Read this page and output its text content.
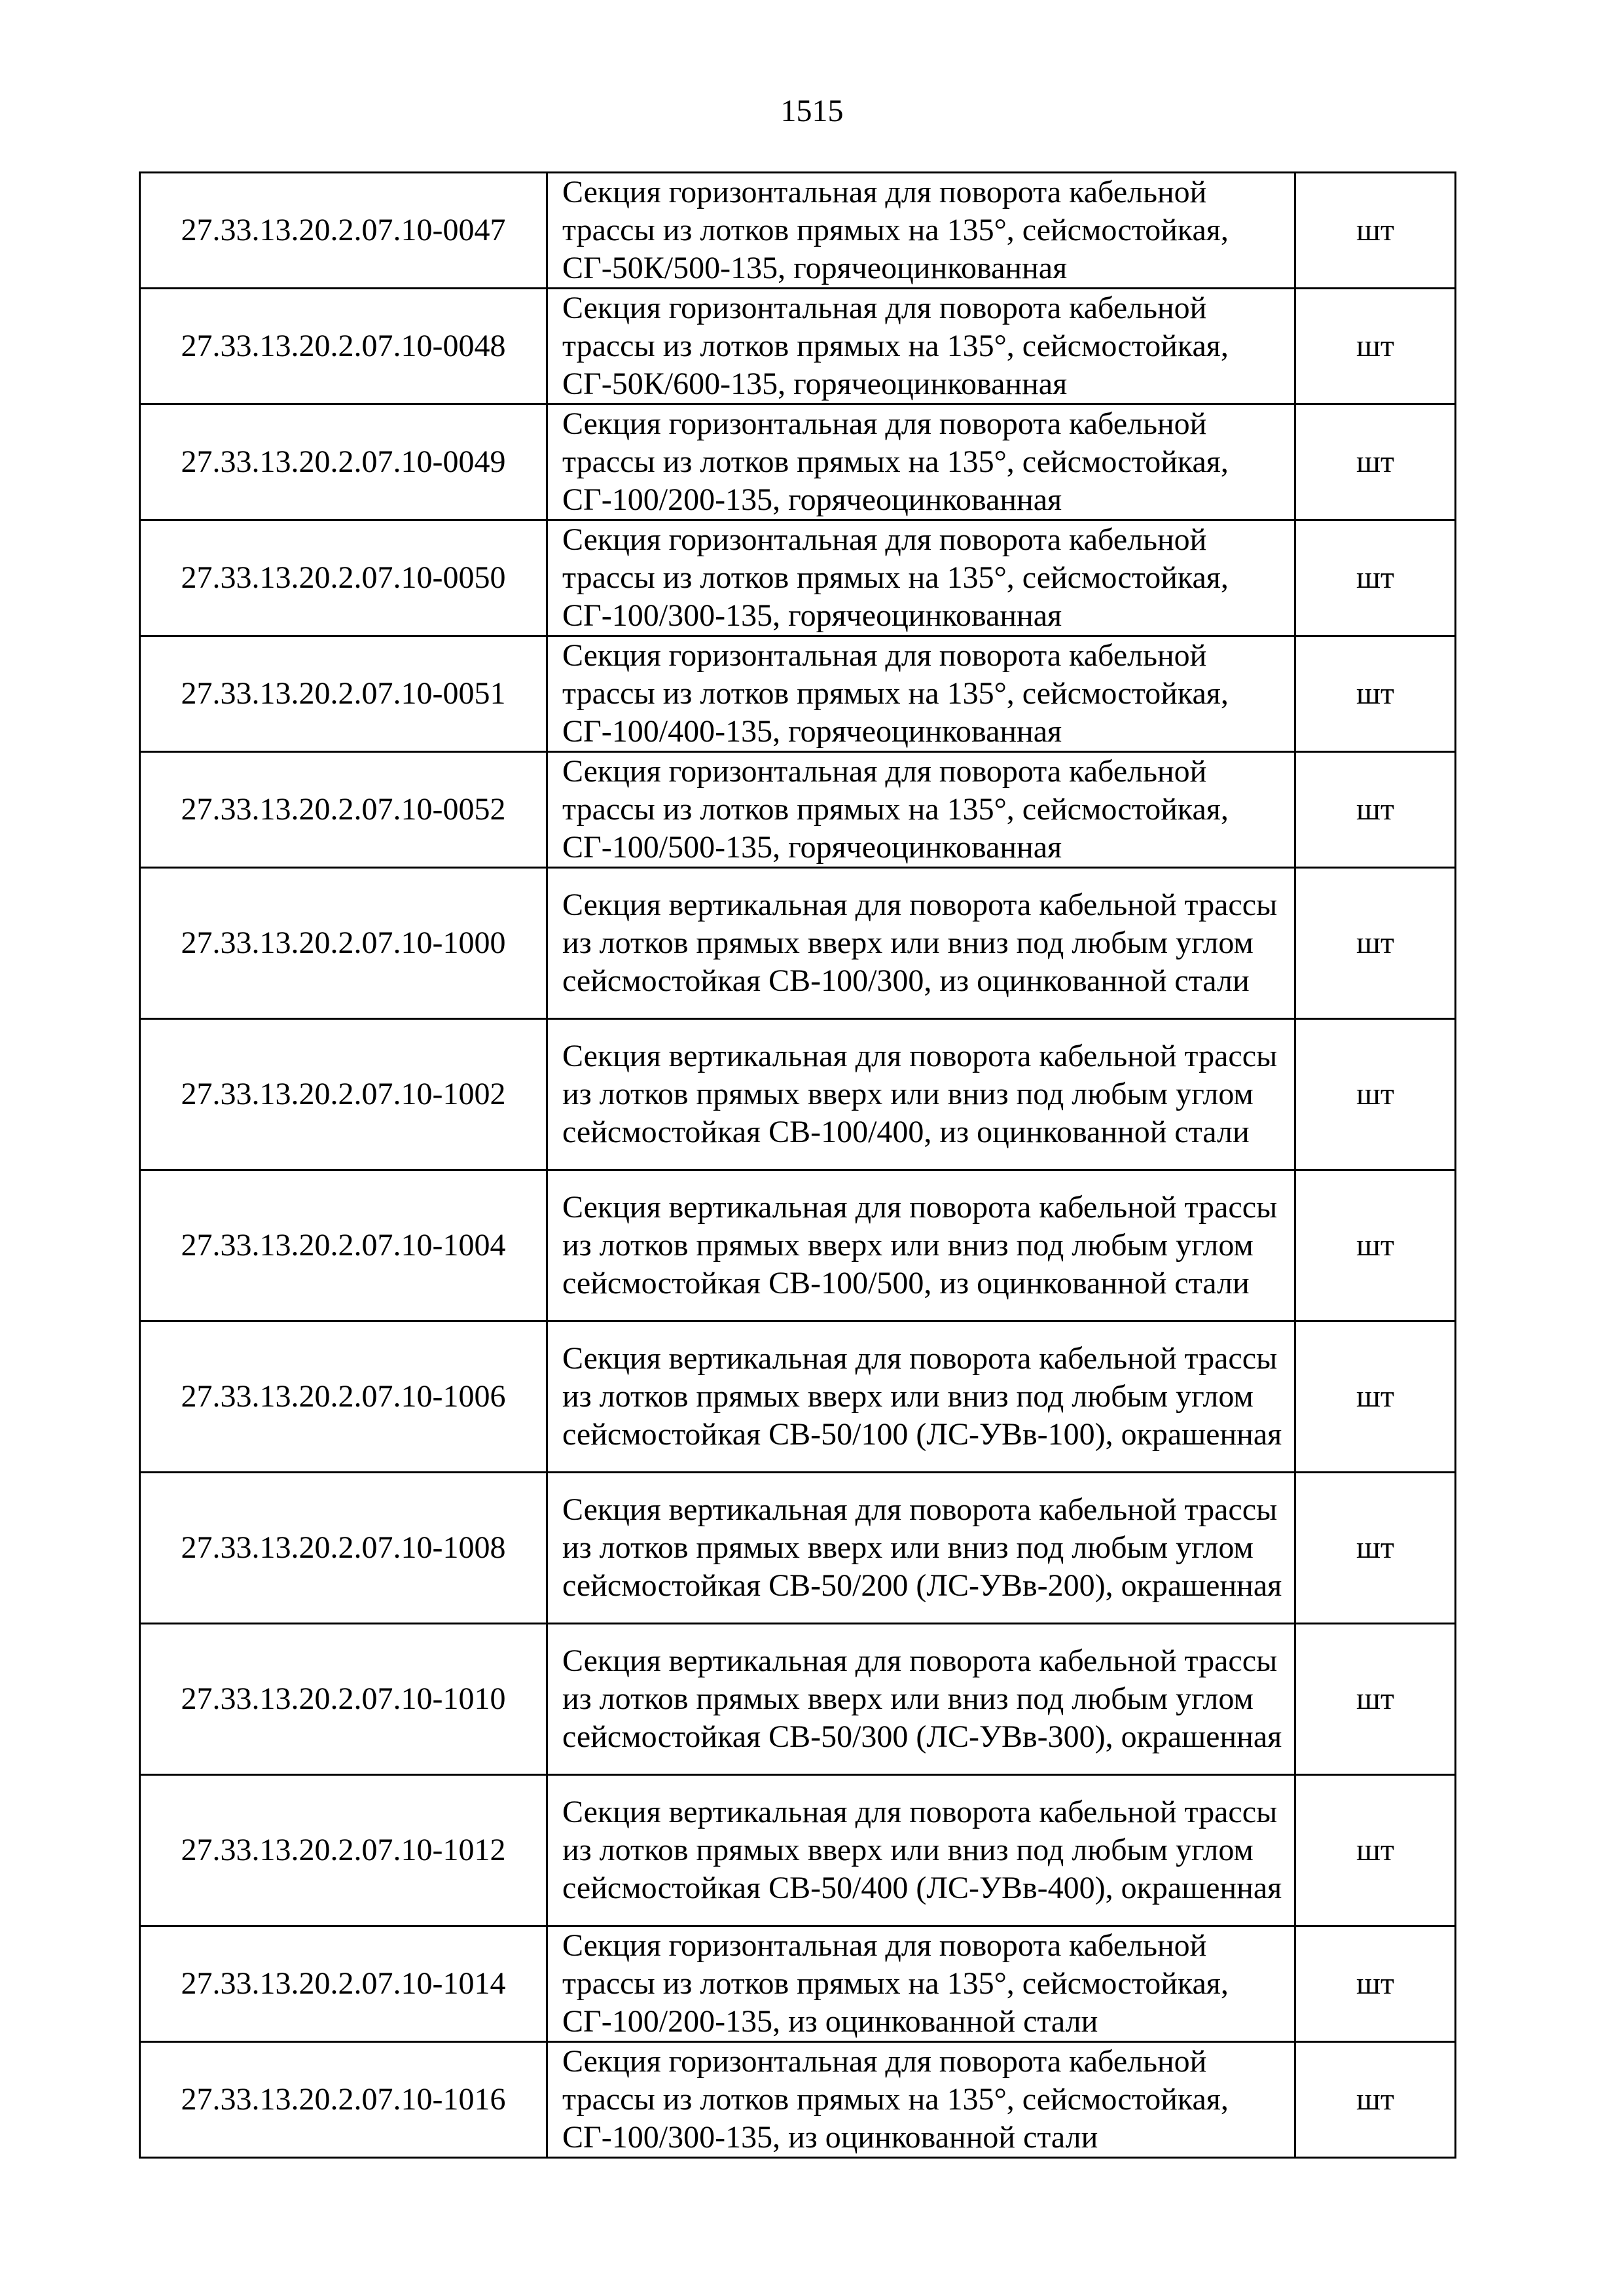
1515
27.33.13.20.2.07.10-0047	Секция горизонтальная для поворота кабельной трассы из лотков прямых на 135°, сейсмостойкая, СГ-50К/500-135, горячеоцинкованная	шт
27.33.13.20.2.07.10-0048	Секция горизонтальная для поворота кабельной трассы из лотков прямых на 135°, сейсмостойкая, СГ-50К/600-135, горячеоцинкованная	шт
27.33.13.20.2.07.10-0049	Секция горизонтальная для поворота кабельной трассы из лотков прямых на 135°, сейсмостойкая, СГ-100/200-135, горячеоцинкованная	шт
27.33.13.20.2.07.10-0050	Секция горизонтальная для поворота кабельной трассы из лотков прямых на 135°, сейсмостойкая, СГ-100/300-135, горячеоцинкованная	шт
27.33.13.20.2.07.10-0051	Секция горизонтальная для поворота кабельной трассы из лотков прямых на 135°, сейсмостойкая, СГ-100/400-135, горячеоцинкованная	шт
27.33.13.20.2.07.10-0052	Секция горизонтальная для поворота кабельной трассы из лотков прямых на 135°, сейсмостойкая, СГ-100/500-135, горячеоцинкованная	шт
27.33.13.20.2.07.10-1000	Секция вертикальная для поворота кабельной трассы из лотков прямых вверх или вниз под любым углом сейсмостойкая СВ-100/300, из оцинкованной стали	шт
27.33.13.20.2.07.10-1002	Секция вертикальная для поворота кабельной трассы из лотков прямых вверх или вниз под любым углом сейсмостойкая СВ-100/400, из оцинкованной стали	шт
27.33.13.20.2.07.10-1004	Секция вертикальная для поворота кабельной трассы из лотков прямых вверх или вниз под любым углом сейсмостойкая СВ-100/500, из оцинкованной стали	шт
27.33.13.20.2.07.10-1006	Секция вертикальная для поворота кабельной трассы из лотков прямых вверх или вниз под любым углом сейсмостойкая СВ-50/100 (ЛС-УВв-100), окрашенная	шт
27.33.13.20.2.07.10-1008	Секция вертикальная для поворота кабельной трассы из лотков прямых вверх или вниз под любым углом сейсмостойкая СВ-50/200 (ЛС-УВв-200), окрашенная	шт
27.33.13.20.2.07.10-1010	Секция вертикальная для поворота кабельной трассы из лотков прямых вверх или вниз под любым углом сейсмостойкая СВ-50/300 (ЛС-УВв-300), окрашенная	шт
27.33.13.20.2.07.10-1012	Секция вертикальная для поворота кабельной трассы из лотков прямых вверх или вниз под любым углом сейсмостойкая СВ-50/400 (ЛС-УВв-400), окрашенная	шт
27.33.13.20.2.07.10-1014	Секция горизонтальная для поворота кабельной трассы из лотков прямых на 135°, сейсмостойкая, СГ-100/200-135, из оцинкованной стали	шт
27.33.13.20.2.07.10-1016	Секция горизонтальная для поворота кабельной трассы из лотков прямых на 135°, сейсмостойкая, СГ-100/300-135, из оцинкованной стали	шт
